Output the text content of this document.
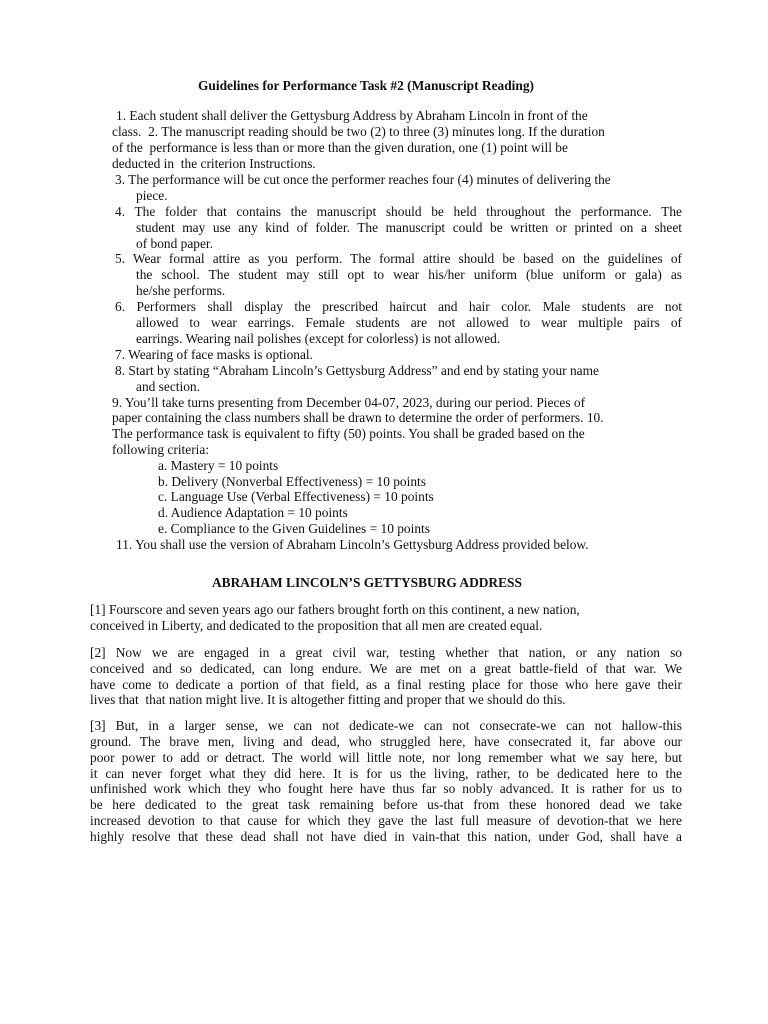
Guidelines for Performance Task #2 (Manuscript Reading)
1. Each student shall deliver the Gettysburg Address by Abraham Lincoln in front of the
class.  2. The manuscript reading should be two (2) to three (3) minutes long. If the duration
of the  performance is less than or more than the given duration, one (1) point will be
deducted in  the criterion Instructions.
3. The performance will be cut once the performer reaches four (4) minutes of delivering the
piece.
4. The folder that contains the manuscript should be held throughout the performance. The
student may use any kind of folder. The manuscript could be written or printed on a sheet
of bond paper.
5. Wear formal attire as you perform. The formal attire should be based on the guidelines of
the school. The student may still opt to wear his/her uniform (blue uniform or gala) as
he/she performs.
6. Performers shall display the prescribed haircut and hair color. Male students are not
allowed to wear earrings. Female students are not allowed to wear multiple pairs of
earrings. Wearing nail polishes (except for colorless) is not allowed.
7. Wearing of face masks is optional.
8. Start by stating “Abraham Lincoln’s Gettysburg Address” and end by stating your name
and section.
9. You’ll take turns presenting from December 04-07, 2023, during our period. Pieces of
paper containing the class numbers shall be drawn to determine the order of performers. 10.
The performance task is equivalent to fifty (50) points. You shall be graded based on the
following criteria:
a. Mastery = 10 points
b. Delivery (Nonverbal Effectiveness) = 10 points
c. Language Use (Verbal Effectiveness) = 10 points
d. Audience Adaptation = 10 points
e. Compliance to the Given Guidelines = 10 points
11. You shall use the version of Abraham Lincoln’s Gettysburg Address provided below.
ABRAHAM LINCOLN’S GETTYSBURG ADDRESS
[1] Fourscore and seven years ago our fathers brought forth on this continent, a new nation,
conceived in Liberty, and dedicated to the proposition that all men are created equal.
[2] Now we are engaged in a great civil war, testing whether that nation, or any nation so
conceived and so dedicated, can long endure. We are met on a great battle-field of that war. We
have come to dedicate a portion of that field, as a final resting place for those who here gave their
lives that  that nation might live. It is altogether fitting and proper that we should do this.
[3] But, in a larger sense, we can not dedicate-we can not consecrate-we can not hallow-this
ground. The brave men, living and dead, who struggled here, have consecrated it, far above our
poor power to add or detract. The world will little note, nor long remember what we say here, but
it can never forget what they did here. It is for us the living, rather, to be dedicated here to the
unfinished work which they who fought here have thus far so nobly advanced. It is rather for us to
be here dedicated to the great task remaining before us-that from these honored dead we take
increased devotion to that cause for which they gave the last full measure of devotion-that we here
highly resolve that these dead shall not have died in vain-that this nation, under God, shall have a
